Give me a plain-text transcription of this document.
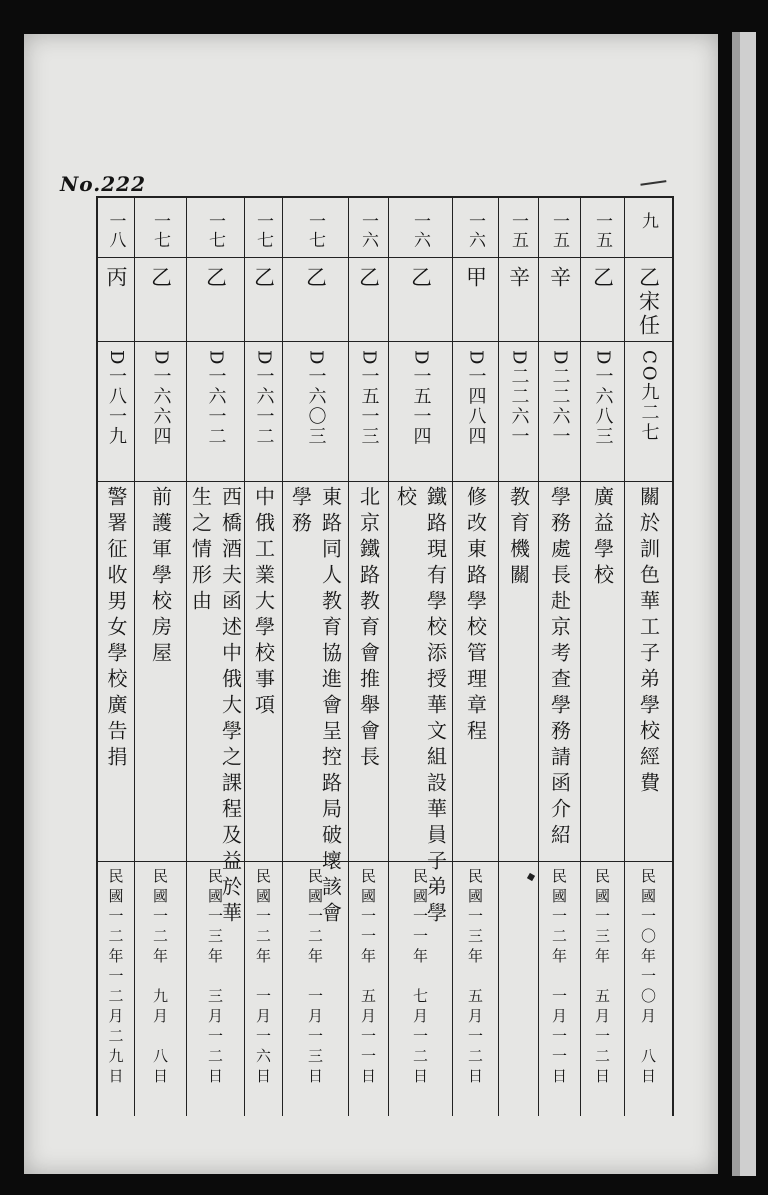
No.222
九
乙宋任
CO九二七
關於訓色華工子弟學校經費
民國一〇年一〇月　八日
一五
乙
D一六八三
廣益學校
民國一三年　五月一二日
一五
辛
D二二六一
學務處長赴京考查學務請函介紹
民國一二年　一月一一日
一五
辛
D二二六一
教育機關
一六
甲
D一四八四
修改東路學校管理章程
民國一三年　五月一二日
一六
乙
D一五一四
鐵路現有學校添授華文組設華員子弟學
校
民國一一年　七月一二日
一六
乙
D一五一三
北京鐵路教育會推舉會長
民國一一年　五月一一日
一七
乙
D一六〇三
東路同人教育協進會呈控路局破壞該會
學務
民國一二年　一月一三日
一七
乙
D一六一二
中俄工業大學校事項
民國一二年　一月一六日
一七
乙
D一六一二
西橋酒夫函述中俄大學之課程及益於華
生之情形由
民國一三年　三月一二日
一七
乙
D一六六四
前護軍學校房屋
民國一二年　九月　八日
一八
丙
D一八一九
警署征收男女學校廣告捐
民國一二年一二月二九日
